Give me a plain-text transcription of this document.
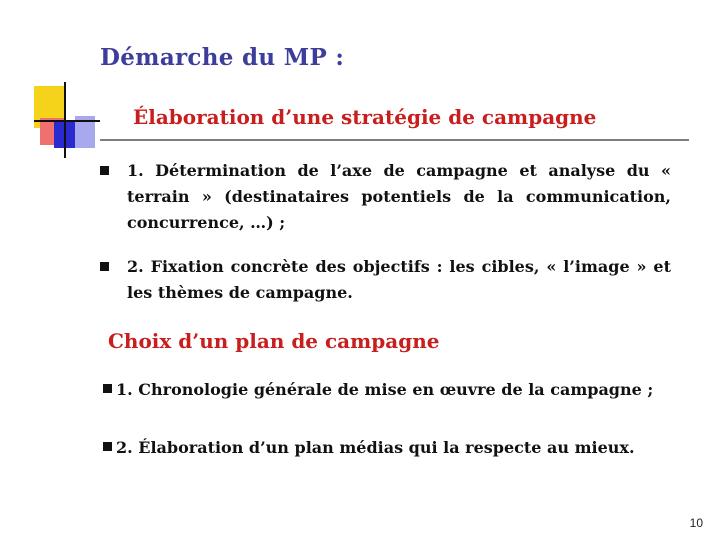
Démarche du MP :
Élaboration d’une stratégie de campagne
1. Détermination de l’axe de campagne et analyse du « terrain » (destinataires potentiels de la communication, concurrence, …) ;
2. Fixation concrète des objectifs : les cibles, « l’image » et les thèmes de campagne.
Choix d’un plan de campagne
1. Chronologie générale de mise en œuvre de la campagne ;
2. Élaboration d’un plan médias qui la respecte au mieux.
10
